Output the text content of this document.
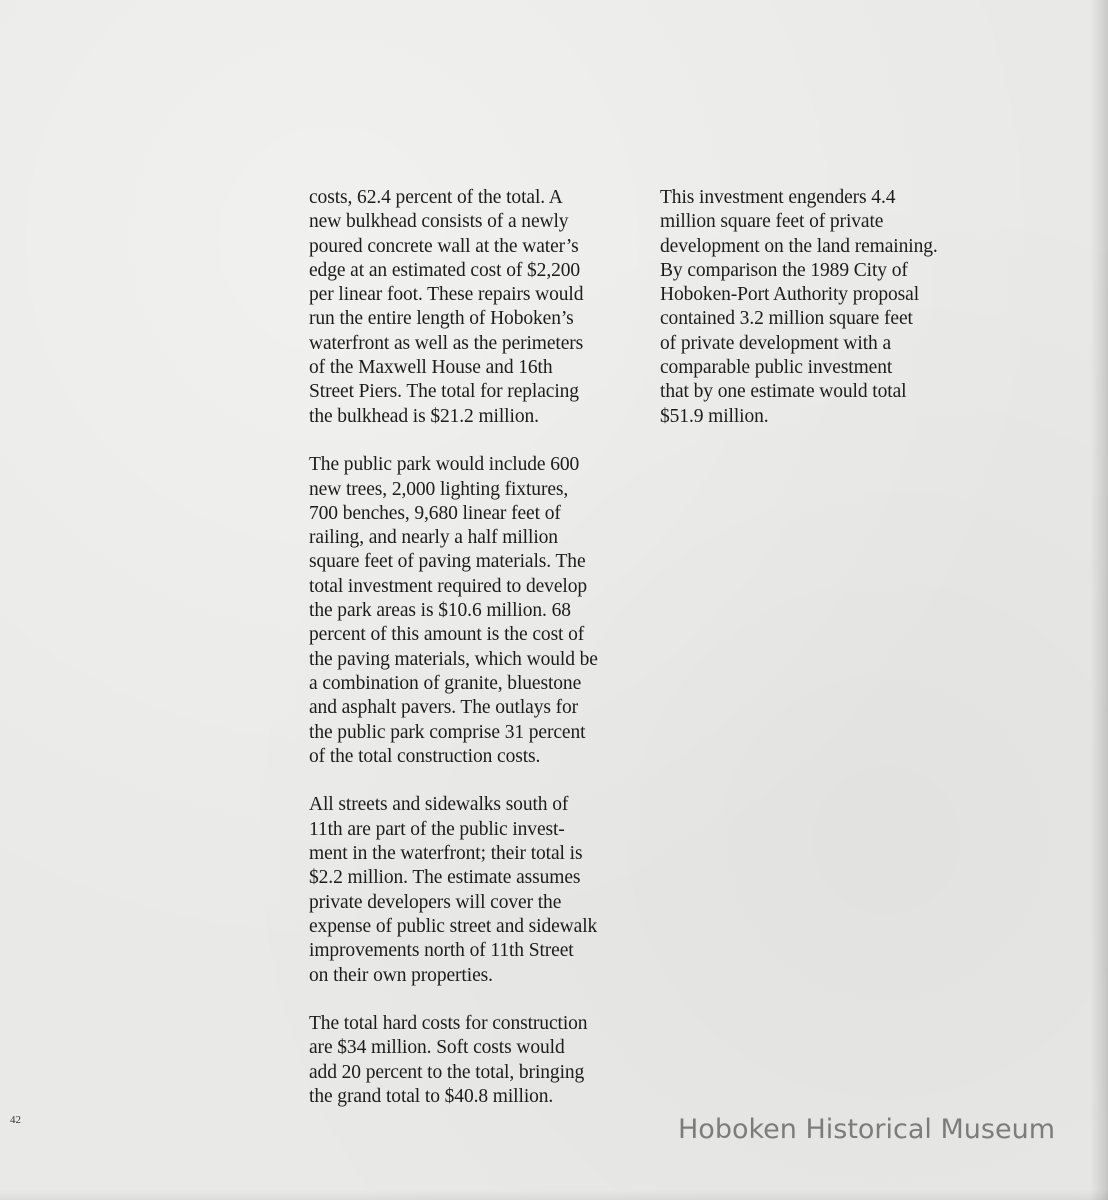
costs, 62.4 percent of the total. A
new bulkhead consists of a newly
poured concrete wall at the water’s
edge at an estimated cost of $2,200
per linear foot. These repairs would
run the entire length of Hoboken’s
waterfront as well as the perimeters
of the Maxwell House and 16th
Street Piers. The total for replacing
the bulkhead is $21.2 million.
The public park would include 600
new trees, 2,000 lighting fixtures,
700 benches, 9,680 linear feet of
railing, and nearly a half million
square feet of paving materials. The
total investment required to develop
the park areas is $10.6 million. 68
percent of this amount is the cost of
the paving materials, which would be
a combination of granite, bluestone
and asphalt pavers. The outlays for
the public park comprise 31 percent
of the total construction costs.
All streets and sidewalks south of
11th are part of the public invest-
ment in the waterfront; their total is
$2.2 million. The estimate assumes
private developers will cover the
expense of public street and sidewalk
improvements north of 11th Street
on their own properties.
The total hard costs for construction
are $34 million. Soft costs would
add 20 percent to the total, bringing
the grand total to $40.8 million.
This investment engenders 4.4
million square feet of private
development on the land remaining.
By comparison the 1989 City of
Hoboken-Port Authority proposal
contained 3.2 million square feet
of private development with a
comparable public investment
that by one estimate would total
$51.9 million.
42	Hoboken Historical Museum
